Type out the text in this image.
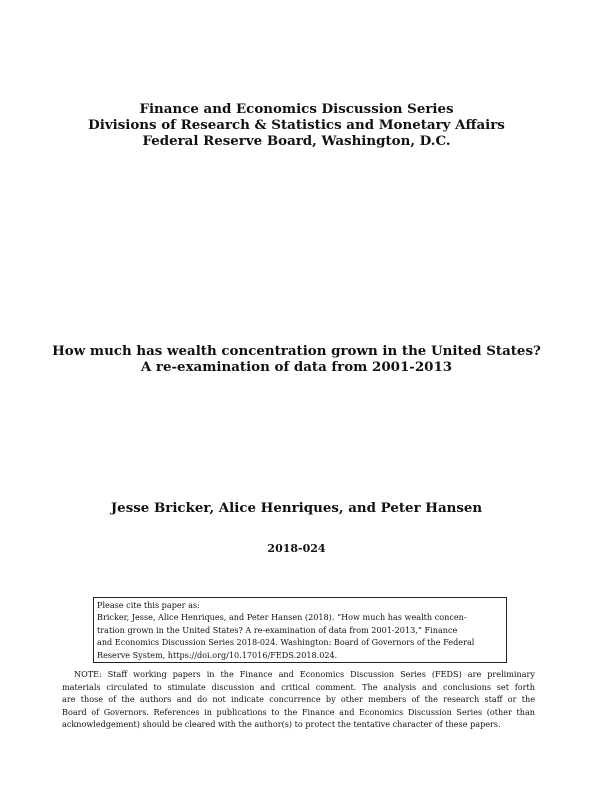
Finance and Economics Discussion Series
Divisions of Research & Statistics and Monetary Affairs
Federal Reserve Board, Washington, D.C.
How much has wealth concentration grown in the United States?
A re-examination of data from 2001-2013
Jesse Bricker, Alice Henriques, and Peter Hansen
2018-024
Please cite this paper as:
Bricker, Jesse, Alice Henriques, and Peter Hansen (2018). “How much has wealth concen-
tration grown in the United States? A re-examination of data from 2001-2013,” Finance
and Economics Discussion Series 2018-024. Washington: Board of Governors of the Federal
Reserve System, https://doi.org/10.17016/FEDS.2018.024.
NOTE: Staff working papers in the Finance and Economics Discussion Series (FEDS) are preliminary
materials circulated to stimulate discussion and critical comment. The analysis and conclusions set forth
are those of the authors and do not indicate concurrence by other members of the research staff or the
Board of Governors. References in publications to the Finance and Economics Discussion Series (other than
acknowledgement) should be cleared with the author(s) to protect the tentative character of these papers.
